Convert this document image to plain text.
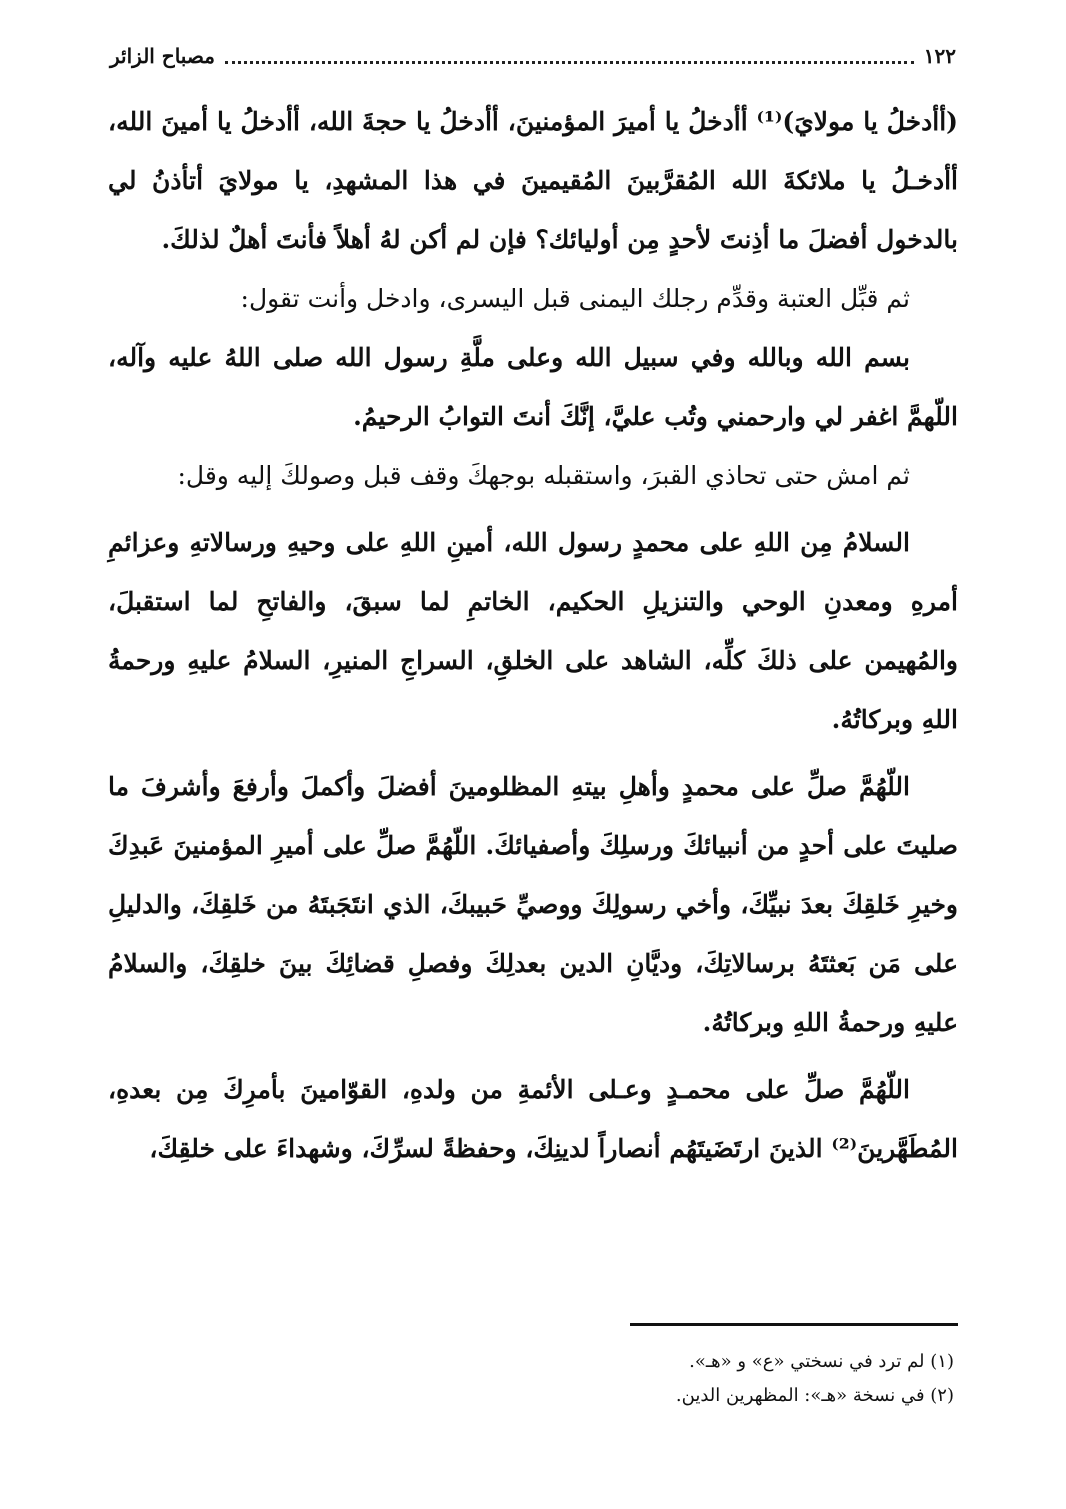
١٢٢
مصباح الزائر

(أأدخلُ يا مولايَ)⁽¹⁾ أأدخلُ يا أميرَ المؤمنينَ، أأدخلُ يا حجةَ الله، أأدخلُ يا أمينَ الله، أأدخـلُ يا ملائكةَ الله المُقرَّبينَ المُقيمينَ في هذا المشهدِ، يا مولايَ أتأذنُ لي بالدخول أفضلَ ما أذِنتَ لأحدٍ مِن أوليائك؟ فإن لم أكن لهُ أهلاً فأنتَ أهلٌ لذلكَ.

ثم قبِّل العتبة وقدِّم رجلك اليمنى قبل اليسرى، وادخل وأنت تقول:

بسم الله وبالله وفي سبيل الله وعلى ملَّةِ رسول الله صلى اللهُ عليه وآله، اللّهمَّ اغفر لي وارحمني وتُب عليَّ، إنَّكَ أنتَ التوابُ الرحيمُ.

ثم امش حتى تحاذي القبرَ، واستقبله بوجهكَ وقف قبل وصولكَ إليه وقل:

السلامُ مِن اللهِ على محمدٍ رسول الله، أمينِ اللهِ على وحيهِ ورسالاتهِ وعزائمِ أمرهِ ومعدنِ الوحي والتنزيلِ الحكيم، الخاتمِ لما سبقَ، والفاتحِ لما استقبلَ، والمُهيمن على ذلكَ كلِّه، الشاهد على الخلقِ، السراجِ المنيرِ، السلامُ عليهِ ورحمةُ اللهِ وبركاتُهُ.

اللّهُمَّ صلِّ على محمدٍ وأهلِ بيتهِ المظلومينَ أفضلَ وأكملَ وأرفعَ وأشرفَ ما صليتَ على أحدٍ من أنبيائكَ ورسلِكَ وأصفيائكَ. اللّهُمَّ صلِّ على أميرِ المؤمنينَ عَبدِكَ وخيرِ خَلقِكَ بعدَ نبيِّكَ، وأخي رسولِكَ ووصيِّ حَبيبكَ، الذي انتَجَبتَهُ من خَلقِكَ، والدليلِ على مَن بَعثتَهُ برسالاتِكَ، وديَّانِ الدين بعدلِكَ وفصلِ قضائِكَ بينَ خلقِكَ، والسلامُ عليهِ ورحمةُ اللهِ وبركاتُهُ.

اللّهُمَّ صلِّ على محمـدٍ وعـلى الأئمةِ من ولدهِ، القوّامينَ بأمرِكَ مِن بعدهِ، المُطَهَّرينَ⁽²⁾ الذينَ ارتَضَيتَهُم أنصاراً لدينِكَ، وحفظةً لسرِّكَ، وشهداءَ على خلقِكَ،

(١) لم ترد في نسختي «ع» و «هـ».
(٢) في نسخة «هـ»: المظهرين الدين.
